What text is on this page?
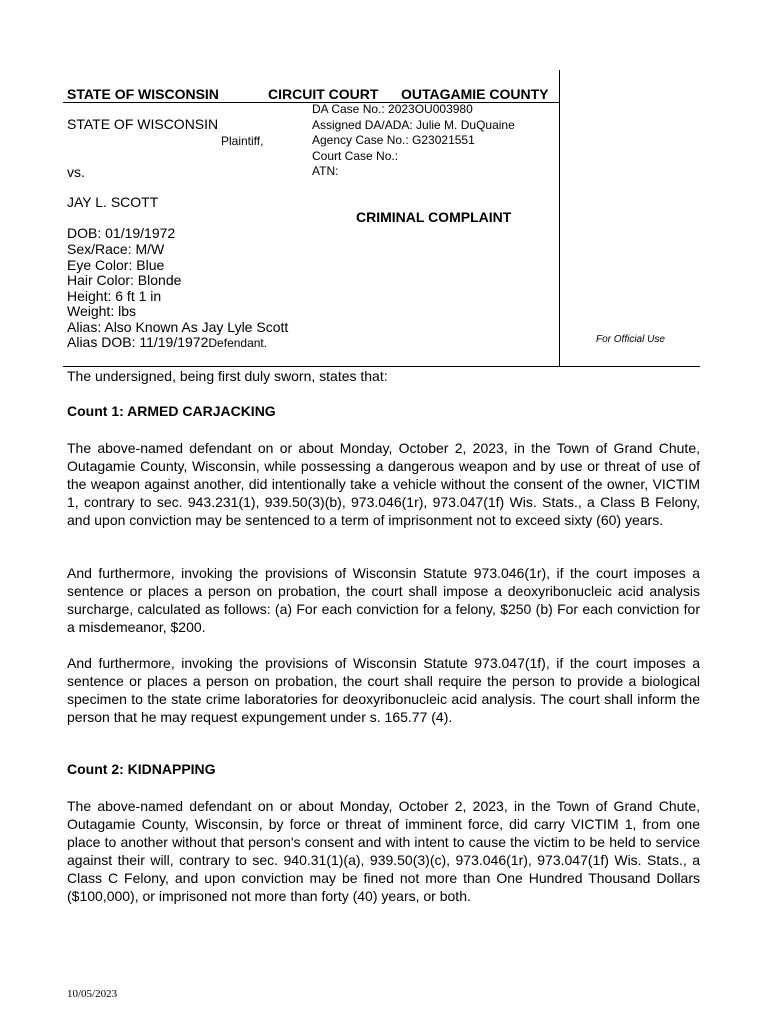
STATE OF WISCONSIN	CIRCUIT COURT OUTAGAMIE COUNTY
STATE OF WISCONSIN
Plaintiff,
vs.
JAY L. SCOTT
DOB: 01/19/1972
Sex/Race: M/W
Eye Color: Blue
Hair Color: Blonde
Height: 6 ft 1 in
Weight: lbs
Alias: Also Known As Jay Lyle Scott
Alias DOB: 11/19/1972Defendant.
DA Case No.: 2023OU003980
Assigned DA/ADA: Julie M. DuQuaine
Agency Case No.: G23021551
Court Case No.:
ATN:
CRIMINAL COMPLAINT
For Official Use
The undersigned, being first duly sworn, states that:
Count 1: ARMED CARJACKING
The above-named defendant on or about Monday, October 2, 2023, in the Town of Grand Chute, Outagamie County, Wisconsin, while possessing a dangerous weapon and by use or threat of use of the weapon against another, did intentionally take a vehicle without the consent of the owner, VICTIM 1, contrary to sec. 943.231(1), 939.50(3)(b), 973.046(1r), 973.047(1f) Wis. Stats., a Class B Felony, and upon conviction may be sentenced to a term of imprisonment not to exceed sixty (60) years.
And furthermore, invoking the provisions of Wisconsin Statute 973.046(1r), if the court imposes a sentence or places a person on probation, the court shall impose a deoxyribonucleic acid analysis surcharge, calculated as follows: (a) For each conviction for a felony, $250 (b) For each conviction for a misdemeanor, $200.
And furthermore, invoking the provisions of Wisconsin Statute 973.047(1f), if the court imposes a sentence or places a person on probation, the court shall require the person to provide a biological specimen to the state crime laboratories for deoxyribonucleic acid analysis. The court shall inform the person that he may request expungement under s. 165.77 (4).
Count 2: KIDNAPPING
The above-named defendant on or about Monday, October 2, 2023, in the Town of Grand Chute, Outagamie County, Wisconsin, by force or threat of imminent force, did carry VICTIM 1, from one place to another without that person's consent and with intent to cause the victim to be held to service against their will, contrary to sec. 940.31(1)(a), 939.50(3)(c), 973.046(1r), 973.047(1f) Wis. Stats., a Class C Felony, and upon conviction may be fined not more than One Hundred Thousand Dollars ($100,000), or imprisoned not more than forty (40) years, or both.
10/05/2023
